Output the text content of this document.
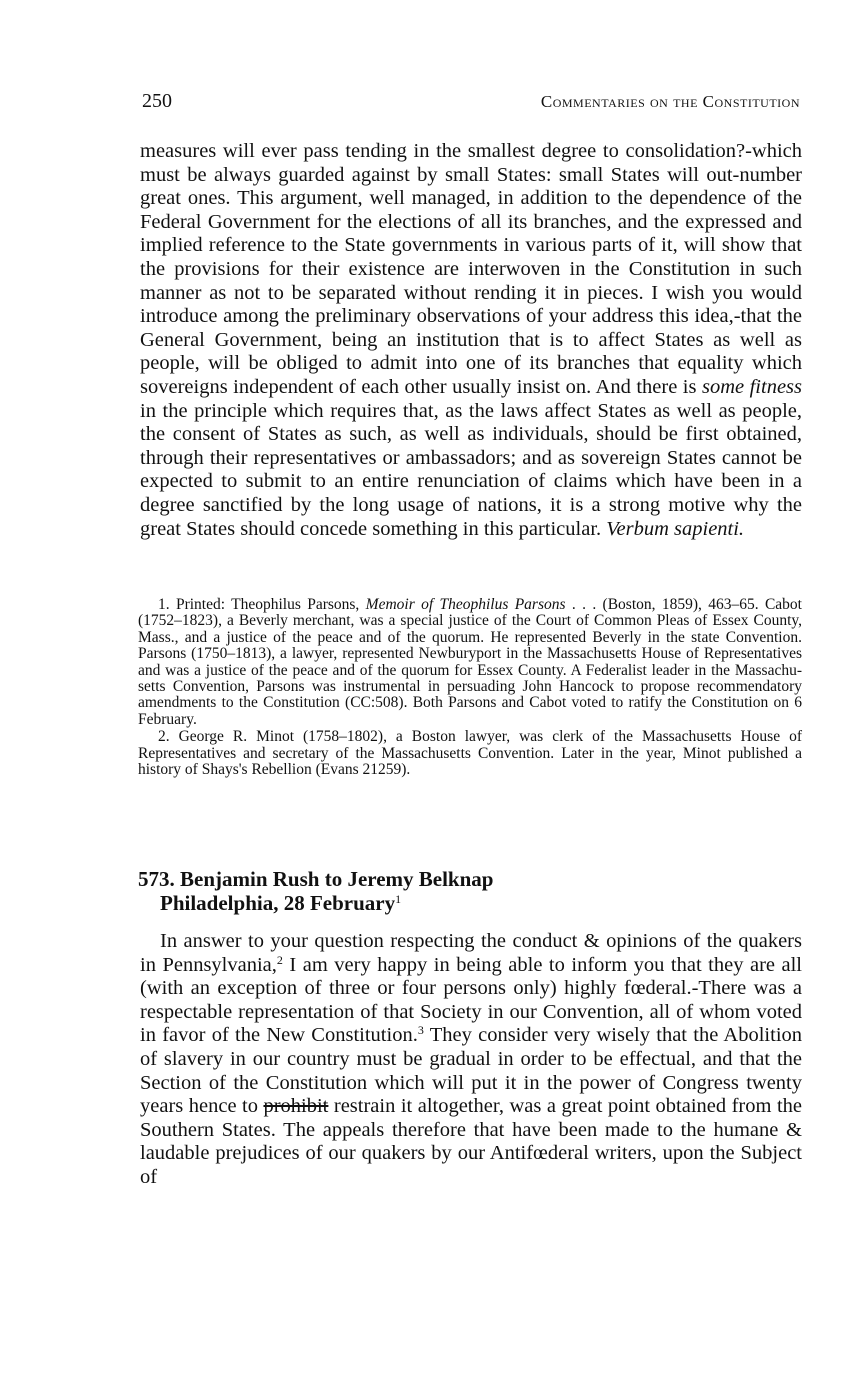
250	Commentaries on the Constitution

measures will ever pass tending in the smallest degree to consolidation?-which must be always guarded against by small States: small States will out-number great ones. This argument, well managed, in addition to the dependence of the Federal Government for the elections of all its branches, and the expressed and implied reference to the State governments in various parts of it, will show that the provisions for their existence are interwoven in the Constitution in such manner as not to be separated without rending it in pieces. I wish you would introduce among the preliminary observations of your address this idea,-that the General Government, being an institution that is to affect States as well as people, will be obliged to admit into one of its branches that equality which sovereigns independent of each other usually insist on. And there is some fitness in the principle which requires that, as the laws affect States as well as people, the consent of States as such, as well as individuals, should be first obtained, through their representatives or ambassadors; and as sovereign States cannot be expected to submit to an entire renunciation of claims which have been in a degree sanctified by the long usage of nations, it is a strong motive why the great States should concede something in this particular. Verbum sapienti.

1. Printed: Theophilus Parsons, Memoir of Theophilus Parsons . . . (Boston, 1859), 463–65. Cabot (1752–1823), a Beverly merchant, was a special justice of the Court of Common Pleas of Essex County, Mass., and a justice of the peace and of the quorum. He represented Beverly in the state Convention. Parsons (1750–1813), a lawyer, represented Newburyport in the Massachusetts House of Representatives and was a justice of the peace and of the quorum for Essex County. A Federalist leader in the Massachusetts Convention, Parsons was instrumental in persuading John Hancock to propose recommendatory amendments to the Constitution (CC:508). Both Parsons and Cabot voted to ratify the Constitution on 6 February.

2. George R. Minot (1758–1802), a Boston lawyer, was clerk of the Massachusetts House of Representatives and secretary of the Massachusetts Convention. Later in the year, Minot published a history of Shays's Rebellion (Evans 21259).

573. Benjamin Rush to Jeremy Belknap
Philadelphia, 28 February$^1$

In answer to your question respecting the conduct & opinions of the quakers in Pennsylvania,$^2$ I am very happy in being able to inform you that they are all (with an exception of three or four persons only) highly fœderal.-There was a respectable representation of that Society in our Convention, all of whom voted in favor of the New Constitution.$^3$ They consider very wisely that the Abolition of slavery in our country must be gradual in order to be effectual, and that the Section of the Constitution which will put it in the power of Congress twenty years hence to prohibit restrain it altogether, was a great point obtained from the Southern States. The appeals therefore that have been made to the humane & laudable prejudices of our quakers by our Antifœderal writers, upon the Subject of
